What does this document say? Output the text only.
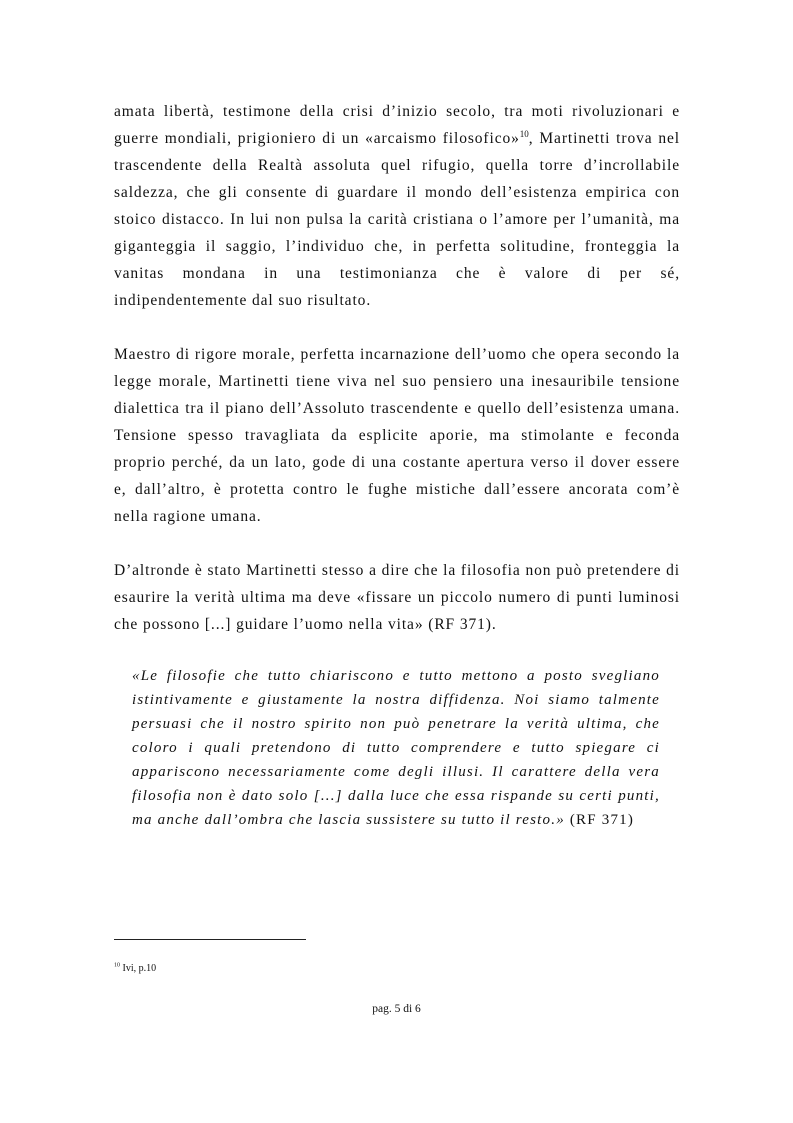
amata libertà, testimone della crisi d’inizio secolo, tra moti rivoluzionari e guerre mondiali, prigioniero di un «arcaismo filosofico»$^{10}$, Martinetti trova nel trascendente della Realtà assoluta quel rifugio, quella torre d’incrollabile saldezza, che gli consente di guardare il mondo dell’esistenza empirica con stoico distacco. In lui non pulsa la carità cristiana o l’amore per l’umanità, ma giganteggia il saggio, l’individuo che, in perfetta solitudine, fronteggia la vanitas mondana in una testimonianza che è valore di per sé, indipendentemente dal suo risultato.

Maestro di rigore morale, perfetta incarnazione dell’uomo che opera secondo la legge morale, Martinetti tiene viva nel suo pensiero una inesauribile tensione dialettica tra il piano dell’Assoluto trascendente e quello dell’esistenza umana. Tensione spesso travagliata da esplicite aporie, ma stimolante e feconda proprio perché, da un lato, gode di una costante apertura verso il dover essere e, dall’altro, è protetta contro le fughe mistiche dall’essere ancorata com’è nella ragione umana.

D’altronde è stato Martinetti stesso a dire che la filosofia non può pretendere di esaurire la verità ultima ma deve «fissare un piccolo numero di punti luminosi che possono [...] guidare l’uomo nella vita» (RF 371).

«Le filosofie che tutto chiariscono e tutto mettono a posto svegliano istintivamente e giustamente la nostra diffidenza. Noi siamo talmente persuasi che il nostro spirito non può penetrare la verità ultima, che coloro i quali pretendono di tutto comprendere e tutto spiegare ci appariscono necessariamente come degli illusi. Il carattere della vera filosofia non è dato solo [...] dalla luce che essa rispande su certi punti, ma anche dall’ombra che lascia sussistere su tutto il resto.» (RF 371)

$^{10}$ Ivi, p.10
pag. 5 di 6
